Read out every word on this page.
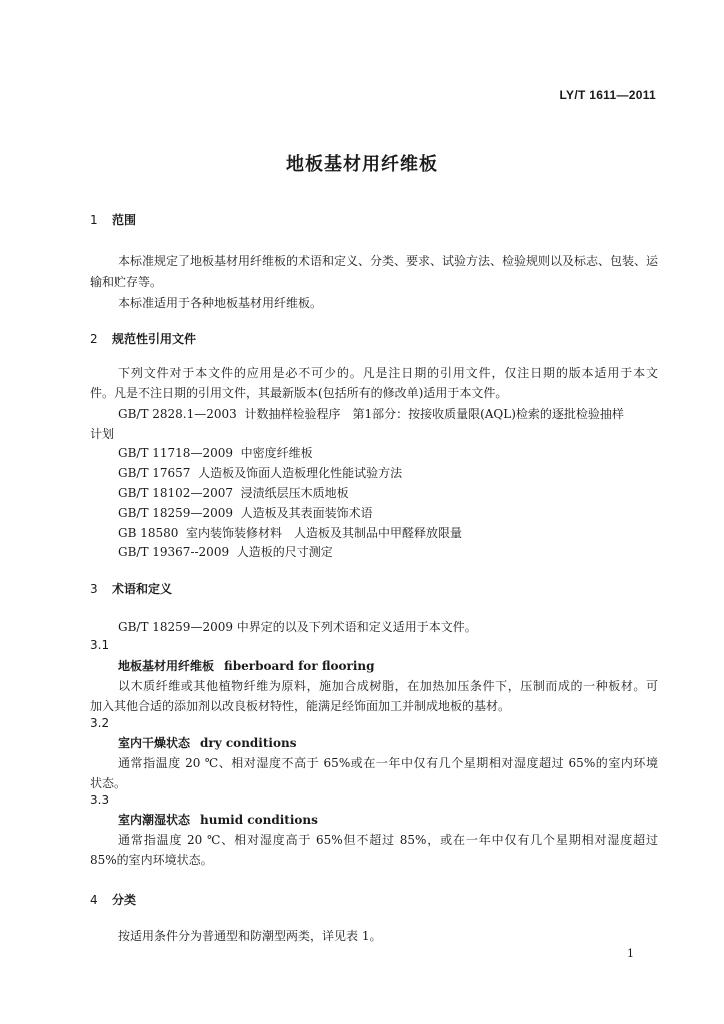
LY/T 1611—2011
地板基材用纤维板
1 范围
本标准规定了地板基材用纤维板的术语和定义、分类、要求、试验方法、检验规则以及标志、包装、运
输和贮存等。
本标准适用于各种地板基材用纤维板。
2 规范性引用文件
下列文件对于本文件的应用是必不可少的。凡是注日期的引用文件，仅注日期的版本适用于本文
件。凡是不注日期的引用文件，其最新版本(包括所有的修改单)适用于本文件。
GB/T 2828.1—2003 计数抽样检验程序　第1部分：按接收质量限(AQL)检索的逐批检验抽样
计划
GB/T 11718—2009 中密度纤维板
GB/T 17657 人造板及饰面人造板理化性能试验方法
GB/T 18102—2007 浸渍纸层压木质地板
GB/T 18259—2009 人造板及其表面装饰术语
GB 18580 室内装饰装修材料　人造板及其制品中甲醛释放限量
GB/T 19367--2009 人造板的尺寸测定
3 术语和定义
GB/T 18259—2009 中界定的以及下列术语和定义适用于本文件。
3.1
地板基材用纤维板 fiberboard for flooring
以木质纤维或其他植物纤维为原料，施加合成树脂，在加热加压条件下，压制而成的一种板材。可
加入其他合适的添加剂以改良板材特性，能满足经饰面加工并制成地板的基材。
3.2
室内干燥状态 dry conditions
通常指温度 20 ℃、相对湿度不高于 65%或在一年中仅有几个星期相对湿度超过 65%的室内环境
状态。
3.3
室内潮湿状态 humid conditions
通常指温度 20 ℃、相对湿度高于 65%但不超过 85%，或在一年中仅有几个星期相对湿度超过
85%的室内环境状态。
4 分类
按适用条件分为普通型和防潮型两类，详见表 1。
1
